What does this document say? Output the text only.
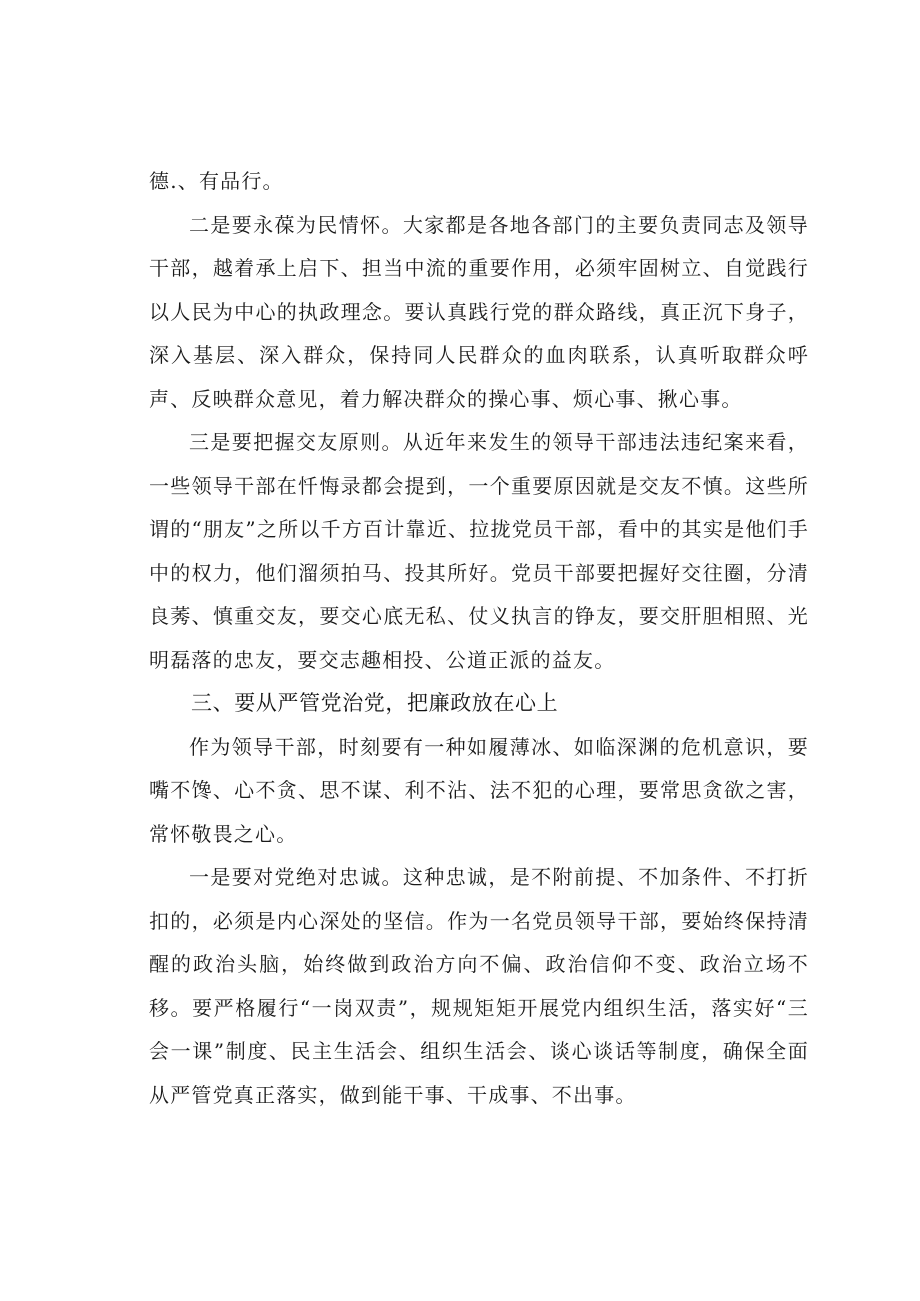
德.、有品行。

二是要永葆为民情怀。大家都是各地各部门的主要负责同志及领导干部，越着承上启下、担当中流的重要作用，必须牢固树立、自觉践行以人民为中心的执政理念。要认真践行党的群众路线，真正沉下身子，深入基层、深入群众，保持同人民群众的血肉联系，认真听取群众呼声、反映群众意见，着力解决群众的操心事、烦心事、揪心事。

三是要把握交友原则。从近年来发生的领导干部违法违纪案来看，一些领导干部在忏悔录都会提到，一个重要原因就是交友不慎。这些所谓的“朋友”之所以千方百计靠近、拉拢党员干部，看中的其实是他们手中的权力，他们溜须拍马、投其所好。党员干部要把握好交往圈，分清良莠、慎重交友，要交心底无私、仗义执言的铮友，要交肝胆相照、光明磊落的忠友，要交志趣相投、公道正派的益友。

三、要从严管党治党，把廉政放在心上

作为领导干部，时刻要有一种如履薄冰、如临深渊的危机意识，要嘴不馋、心不贪、思不谋、利不沾、法不犯的心理，要常思贪欲之害，常怀敬畏之心。

一是要对党绝对忠诚。这种忠诚，是不附前提、不加条件、不打折扣的，必须是内心深处的坚信。作为一名党员领导干部，要始终保持清醒的政治头脑，始终做到政治方向不偏、政治信仰不变、政治立场不移。要严格履行“一岗双责”，规规矩矩开展党内组织生活，落实好“三会一课”制度、民主生活会、组织生活会、谈心谈话等制度，确保全面从严管党真正落实，做到能干事、干成事、不出事。
